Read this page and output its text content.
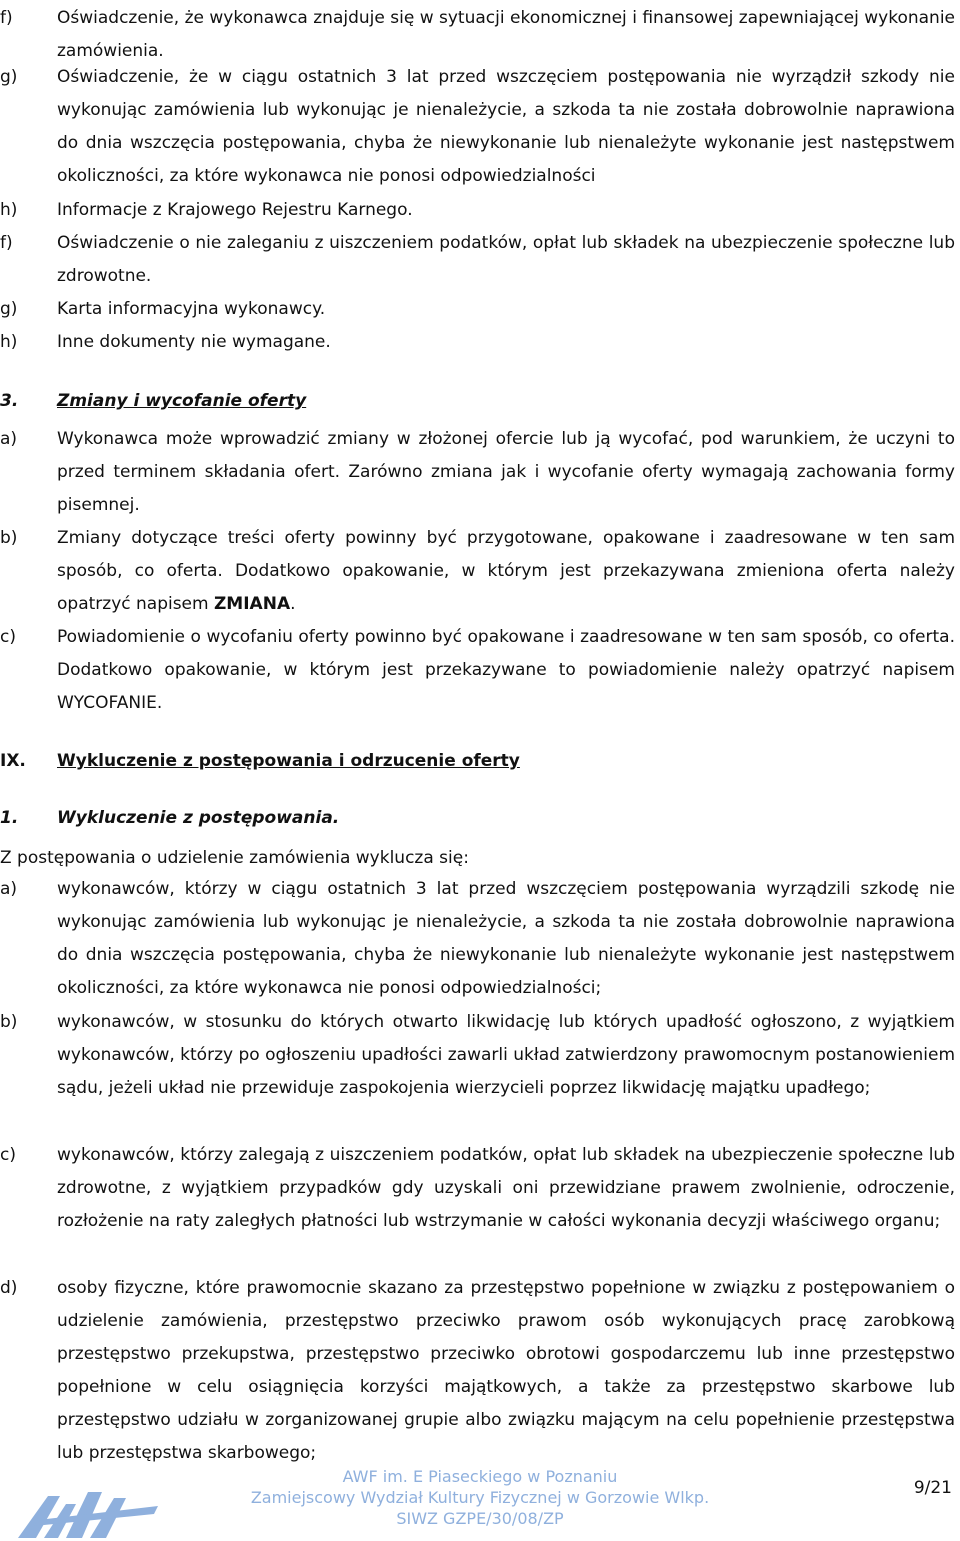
f)	Oświadczenie, że wykonawca znajduje się w sytuacji ekonomicznej i finansowej zapewniającej wykonanie zamówienia.
g)	Oświadczenie, że w ciągu ostatnich 3 lat przed wszczęciem postępowania nie wyrządził szkody nie wykonując zamówienia lub wykonując je nienależycie, a szkoda ta nie została dobrowolnie naprawiona do dnia wszczęcia postępowania, chyba że niewykonanie lub nienależyte wykonanie jest następstwem okoliczności, za które wykonawca nie ponosi odpowiedzialności
h)	Informacje z Krajowego Rejestru Karnego.
f)	Oświadczenie o nie zaleganiu z uiszczeniem podatków, opłat lub składek na ubezpieczenie społeczne lub zdrowotne.
g)	Karta informacyjna wykonawcy.
h)	Inne dokumenty nie wymagane.
3. Zmiany i wycofanie oferty
a)	Wykonawca może wprowadzić zmiany w złożonej ofercie lub ją wycofać, pod warunkiem, że uczyni to przed terminem składania ofert. Zarówno zmiana jak i wycofanie oferty wymagają zachowania formy pisemnej.
b)	Zmiany dotyczące treści oferty powinny być przygotowane, opakowane i zaadresowane w ten sam sposób, co oferta. Dodatkowo opakowanie, w którym jest przekazywana zmieniona oferta należy opatrzyć napisem ZMIANA.
c)	Powiadomienie o wycofaniu oferty powinno być opakowane i zaadresowane w ten sam sposób, co oferta. Dodatkowo opakowanie, w którym jest przekazywane to powiadomienie należy opatrzyć napisem WYCOFANIE.
IX. Wykluczenie z postępowania i odrzucenie oferty
1. Wykluczenie z postępowania.
Z postępowania o udzielenie zamówienia wyklucza się:
a)	wykonawców, którzy w ciągu ostatnich 3 lat przed wszczęciem postępowania wyrządzili szkodę nie wykonując zamówienia lub wykonując je nienależycie, a szkoda ta nie została dobrowolnie naprawiona do dnia wszczęcia postępowania, chyba że niewykonanie lub nienależyte wykonanie jest następstwem okoliczności, za które wykonawca nie ponosi odpowiedzialności;
b)	wykonawców, w stosunku do których otwarto likwidację lub których upadłość ogłoszono, z wyjątkiem wykonawców, którzy po ogłoszeniu upadłości zawarli układ zatwierdzony prawomocnym postanowieniem sądu, jeżeli układ nie przewiduje zaspokojenia wierzycieli poprzez likwidację majątku upadłego;
c)	wykonawców, którzy zalegają z uiszczeniem podatków, opłat lub składek na ubezpieczenie społeczne lub zdrowotne, z wyjątkiem przypadków gdy uzyskali oni przewidziane prawem zwolnienie, odroczenie, rozłożenie na raty zaległych płatności lub wstrzymanie w całości wykonania decyzji właściwego organu;
d)	osoby fizyczne, które prawomocnie skazano za przestępstwo popełnione w związku z postępowaniem o udzielenie zamówienia, przestępstwo przeciwko prawom osób wykonujących pracę zarobkową przestępstwo przekupstwa, przestępstwo przeciwko obrotowi gospodarczemu lub inne przestępstwo popełnione w celu osiągnięcia korzyści majątkowych, a także za przestępstwo skarbowe lub przestępstwo udziału w zorganizowanej grupie albo związku mającym na celu popełnienie przestępstwa lub przestępstwa skarbowego;
AWF im. E Piaseckiego w Poznaniu
Zamiejscowy Wydział Kultury Fizycznej w Gorzowie Wlkp.
SIWZ GZPE/30/08/ZP
9/21
